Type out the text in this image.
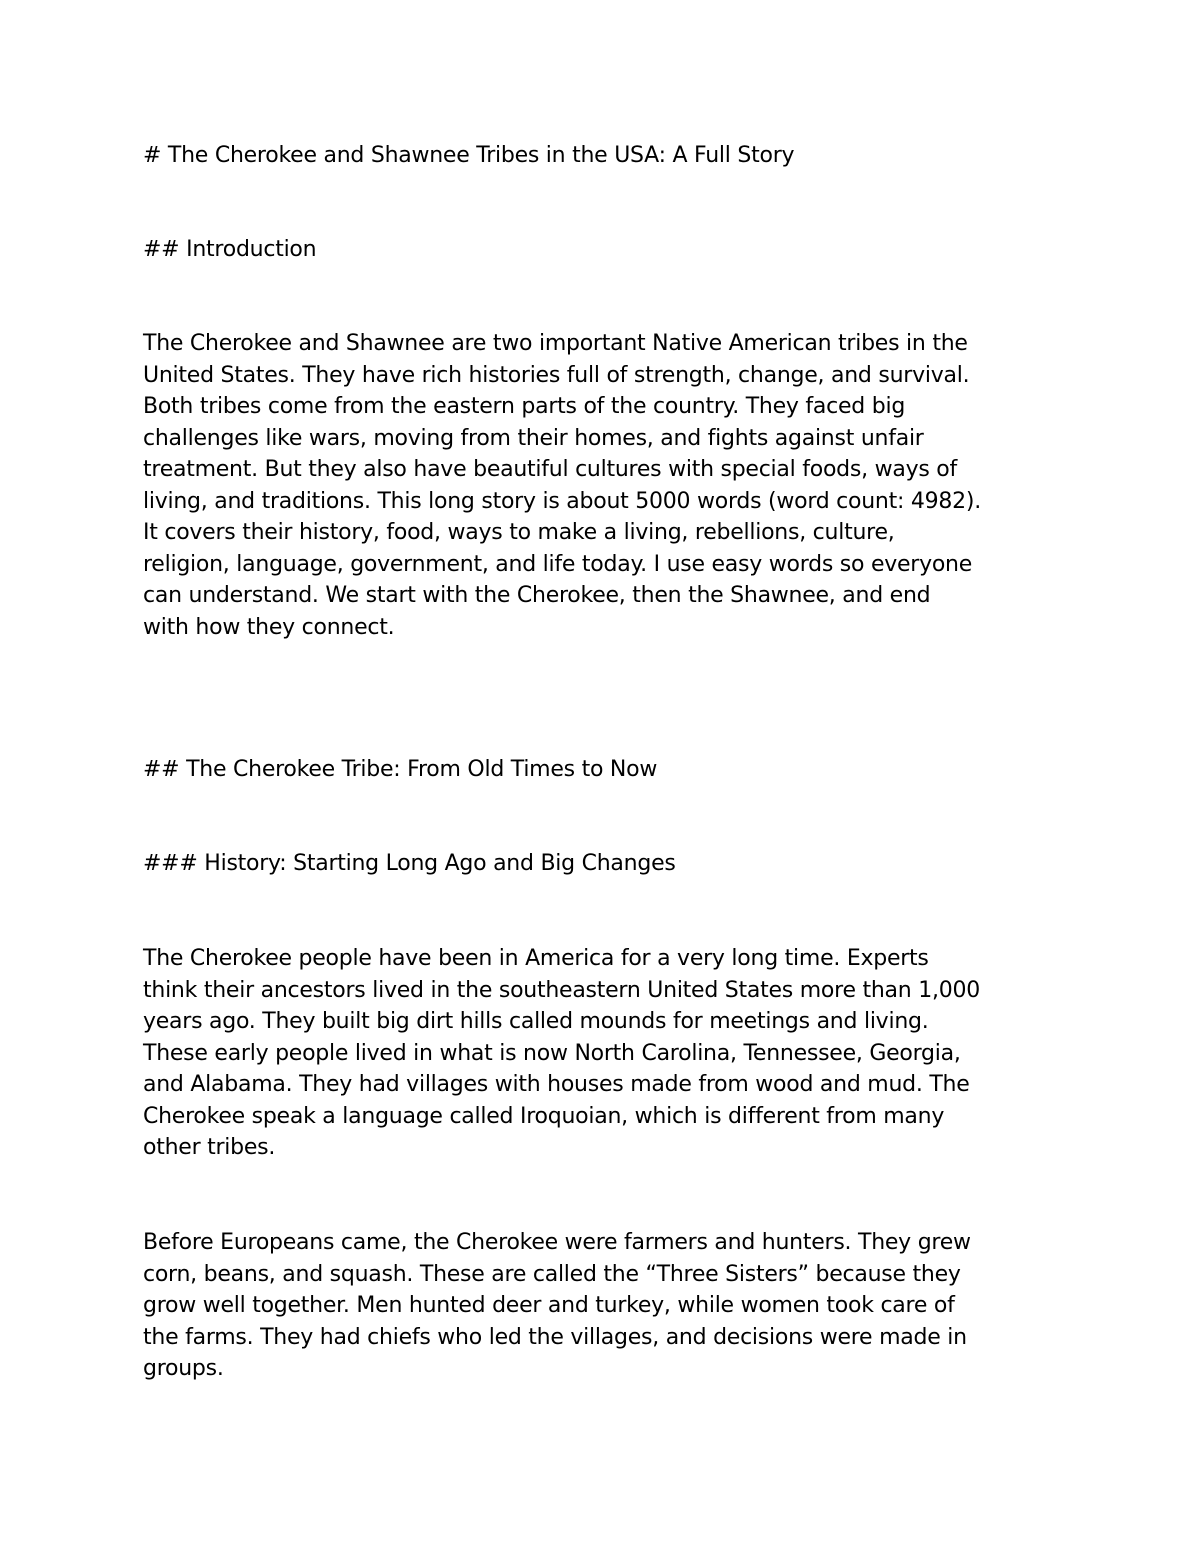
# The Cherokee and Shawnee Tribes in the USA: A Full Story
## Introduction

The Cherokee and Shawnee are two important Native American tribes in the
United States. They have rich histories full of strength, change, and survival.
Both tribes come from the eastern parts of the country. They faced big
challenges like wars, moving from their homes, and fights against unfair
treatment. But they also have beautiful cultures with special foods, ways of
living, and traditions. This long story is about 5000 words (word count: 4982).
It covers their history, food, ways to make a living, rebellions, culture,
religion, language, government, and life today. I use easy words so everyone
can understand. We start with the Cherokee, then the Shawnee, and end
with how they connect.

## The Cherokee Tribe: From Old Times to Now
### History: Starting Long Ago and Big Changes

The Cherokee people have been in America for a very long time. Experts
think their ancestors lived in the southeastern United States more than 1,000
years ago. They built big dirt hills called mounds for meetings and living.
These early people lived in what is now North Carolina, Tennessee, Georgia,
and Alabama. They had villages with houses made from wood and mud. The
Cherokee speak a language called Iroquoian, which is different from many
other tribes.

Before Europeans came, the Cherokee were farmers and hunters. They grew
corn, beans, and squash. These are called the “Three Sisters” because they
grow well together. Men hunted deer and turkey, while women took care of
the farms. They had chiefs who led the villages, and decisions were made in
groups.
